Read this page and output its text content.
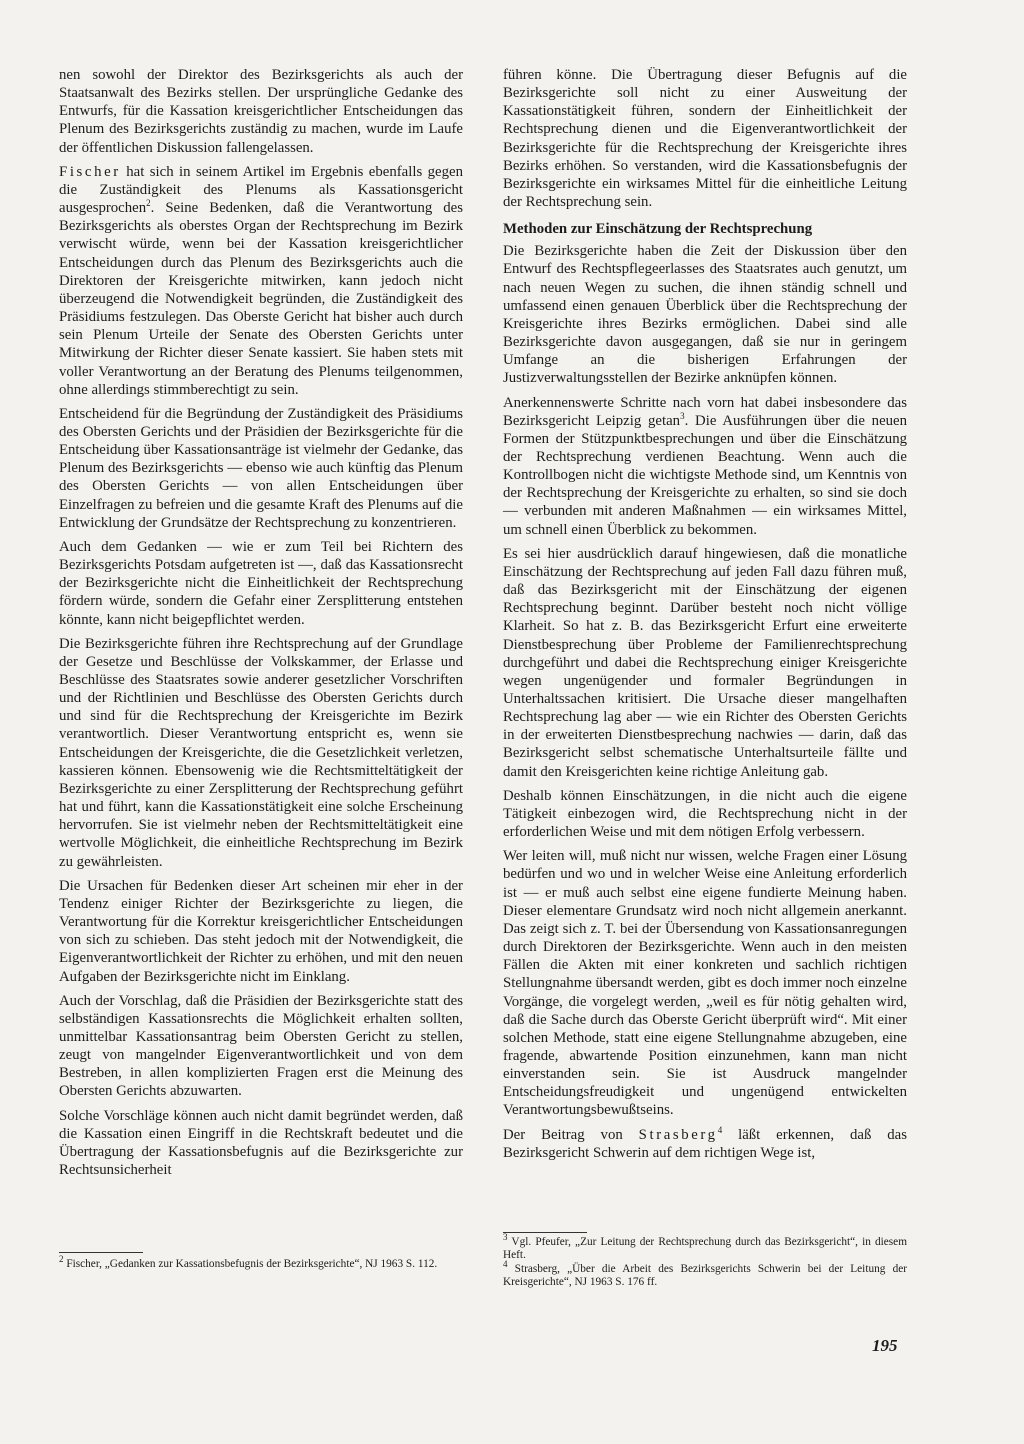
nen sowohl der Direktor des Bezirksgerichts als auch der Staatsanwalt des Bezirks stellen. Der ursprüngliche Gedanke des Entwurfs, für die Kassation kreisgerichtlicher Entscheidungen das Plenum des Bezirksgerichts zuständig zu machen, wurde im Laufe der öffentlichen Diskussion fallengelassen.

Fischer hat sich in seinem Artikel im Ergebnis ebenfalls gegen die Zuständigkeit des Plenums als Kassationsgericht ausgesprochen$^2$. Seine Bedenken, daß die Verantwortung des Bezirksgerichts als oberstes Organ der Rechtsprechung im Bezirk verwischt würde, wenn bei der Kassation kreisgerichtlicher Entscheidungen durch das Plenum des Bezirksgerichts auch die Direktoren der Kreisgerichte mitwirken, kann jedoch nicht überzeugend die Notwendigkeit begründen, die Zuständigkeit des Präsidiums festzulegen. Das Oberste Gericht hat bisher auch durch sein Plenum Urteile der Senate des Obersten Gerichts unter Mitwirkung der Richter dieser Senate kassiert. Sie haben stets mit voller Verantwortung an der Beratung des Plenums teilgenommen, ohne allerdings stimmberechtigt zu sein.

Entscheidend für die Begründung der Zuständigkeit des Präsidiums des Obersten Gerichts und der Präsidien der Bezirksgerichte für die Entscheidung über Kassationsanträge ist vielmehr der Gedanke, das Plenum des Bezirksgerichts — ebenso wie auch künftig das Plenum des Obersten Gerichts — von allen Entscheidungen über Einzelfragen zu befreien und die gesamte Kraft des Plenums auf die Entwicklung der Grundsätze der Rechtsprechung zu konzentrieren.

Auch dem Gedanken — wie er zum Teil bei Richtern des Bezirksgerichts Potsdam aufgetreten ist —, daß das Kassationsrecht der Bezirksgerichte nicht die Einheitlichkeit der Rechtsprechung fördern würde, sondern die Gefahr einer Zersplitterung entstehen könnte, kann nicht beigepflichtet werden.

Die Bezirksgerichte führen ihre Rechtsprechung auf der Grundlage der Gesetze und Beschlüsse der Volkskammer, der Erlasse und Beschlüsse des Staatsrates sowie anderer gesetzlicher Vorschriften und der Richtlinien und Beschlüsse des Obersten Gerichts durch und sind für die Rechtsprechung der Kreisgerichte im Bezirk verantwortlich. Dieser Verantwortung entspricht es, wenn sie Entscheidungen der Kreisgerichte, die die Gesetzlichkeit verletzen, kassieren können. Ebensowenig wie die Rechtsmitteltätigkeit der Bezirksgerichte zu einer Zersplitterung der Rechtsprechung geführt hat und führt, kann die Kassationstätigkeit eine solche Erscheinung hervorrufen. Sie ist vielmehr neben der Rechtsmitteltätigkeit eine wertvolle Möglichkeit, die einheitliche Rechtsprechung im Bezirk zu gewährleisten.

Die Ursachen für Bedenken dieser Art scheinen mir eher in der Tendenz einiger Richter der Bezirksgerichte zu liegen, die Verantwortung für die Korrektur kreisgerichtlicher Entscheidungen von sich zu schieben. Das steht jedoch mit der Notwendigkeit, die Eigenverantwortlichkeit der Richter zu erhöhen, und mit den neuen Aufgaben der Bezirksgerichte nicht im Einklang.

Auch der Vorschlag, daß die Präsidien der Bezirksgerichte statt des selbständigen Kassationsrechts die Möglichkeit erhalten sollten, unmittelbar Kassationsantrag beim Obersten Gericht zu stellen, zeugt von mangelnder Eigenverantwortlichkeit und von dem Bestreben, in allen komplizierten Fragen erst die Meinung des Obersten Gerichts abzuwarten.

Solche Vorschläge können auch nicht damit begründet werden, daß die Kassation einen Eingriff in die Rechtskraft bedeutet und die Übertragung der Kassationsbefugnis auf die Bezirksgerichte zur Rechtsunsicherheit

$^2$ Fischer, „Gedanken zur Kassationsbefugnis der Bezirksgerichte“, NJ 1963 S. 112.

führen könne. Die Übertragung dieser Befugnis auf die Bezirksgerichte soll nicht zu einer Ausweitung der Kassationstätigkeit führen, sondern der Einheitlichkeit der Rechtsprechung dienen und die Eigenverantwortlichkeit der Bezirksgerichte für die Rechtsprechung der Kreisgerichte ihres Bezirks erhöhen. So verstanden, wird die Kassationsbefugnis der Bezirksgerichte ein wirksames Mittel für die einheitliche Leitung der Rechtsprechung sein.

Methoden zur Einschätzung der Rechtsprechung

Die Bezirksgerichte haben die Zeit der Diskussion über den Entwurf des Rechtspflegeerlasses des Staatsrates auch genutzt, um nach neuen Wegen zu suchen, die ihnen ständig schnell und umfassend einen genauen Überblick über die Rechtsprechung der Kreisgerichte ihres Bezirks ermöglichen. Dabei sind alle Bezirksgerichte davon ausgegangen, daß sie nur in geringem Umfange an die bisherigen Erfahrungen der Justizverwaltungsstellen der Bezirke anknüpfen können.

Anerkennenswerte Schritte nach vorn hat dabei insbesondere das Bezirksgericht Leipzig getan$^3$. Die Ausführungen über die neuen Formen der Stützpunktbesprechungen und über die Einschätzung der Rechtsprechung verdienen Beachtung. Wenn auch die Kontrollbogen nicht die wichtigste Methode sind, um Kenntnis von der Rechtsprechung der Kreisgerichte zu erhalten, so sind sie doch — verbunden mit anderen Maßnahmen — ein wirksames Mittel, um schnell einen Überblick zu bekommen.

Es sei hier ausdrücklich darauf hingewiesen, daß die monatliche Einschätzung der Rechtsprechung auf jeden Fall dazu führen muß, daß das Bezirksgericht mit der Einschätzung der eigenen Rechtsprechung beginnt. Darüber besteht noch nicht völlige Klarheit. So hat z. B. das Bezirksgericht Erfurt eine erweiterte Dienstbesprechung über Probleme der Familienrechtsprechung durchgeführt und dabei die Rechtsprechung einiger Kreisgerichte wegen ungenügender und formaler Begründungen in Unterhaltssachen kritisiert. Die Ursache dieser mangelhaften Rechtsprechung lag aber — wie ein Richter des Obersten Gerichts in der erweiterten Dienstbesprechung nachwies — darin, daß das Bezirksgericht selbst schematische Unterhaltsurteile fällte und damit den Kreisgerichten keine richtige Anleitung gab.

Deshalb können Einschätzungen, in die nicht auch die eigene Tätigkeit einbezogen wird, die Rechtsprechung nicht in der erforderlichen Weise und mit dem nötigen Erfolg verbessern.

Wer leiten will, muß nicht nur wissen, welche Fragen einer Lösung bedürfen und wo und in welcher Weise eine Anleitung erforderlich ist — er muß auch selbst eine eigene fundierte Meinung haben. Dieser elementare Grundsatz wird noch nicht allgemein anerkannt. Das zeigt sich z. T. bei der Übersendung von Kassationsanregungen durch Direktoren der Bezirksgerichte. Wenn auch in den meisten Fällen die Akten mit einer konkreten und sachlich richtigen Stellungnahme übersandt werden, gibt es doch immer noch einzelne Vorgänge, die vorgelegt werden, „weil es für nötig gehalten wird, daß die Sache durch das Oberste Gericht überprüft wird“. Mit einer solchen Methode, statt eine eigene Stellungnahme abzugeben, eine fragende, abwartende Position einzunehmen, kann man nicht einverstanden sein. Sie ist Ausdruck mangelnder Entscheidungsfreudigkeit und ungenügend entwickelten Verantwortungsbewußtseins.

Der Beitrag von Strasberg$^4$ läßt erkennen, daß das Bezirksgericht Schwerin auf dem richtigen Wege ist,

$^3$ Vgl. Pfeufer, „Zur Leitung der Rechtsprechung durch das Bezirksgericht“, in diesem Heft.

$^4$ Strasberg, „Über die Arbeit des Bezirksgerichts Schwerin bei der Leitung der Kreisgerichte“, NJ 1963 S. 176 ff.

195
